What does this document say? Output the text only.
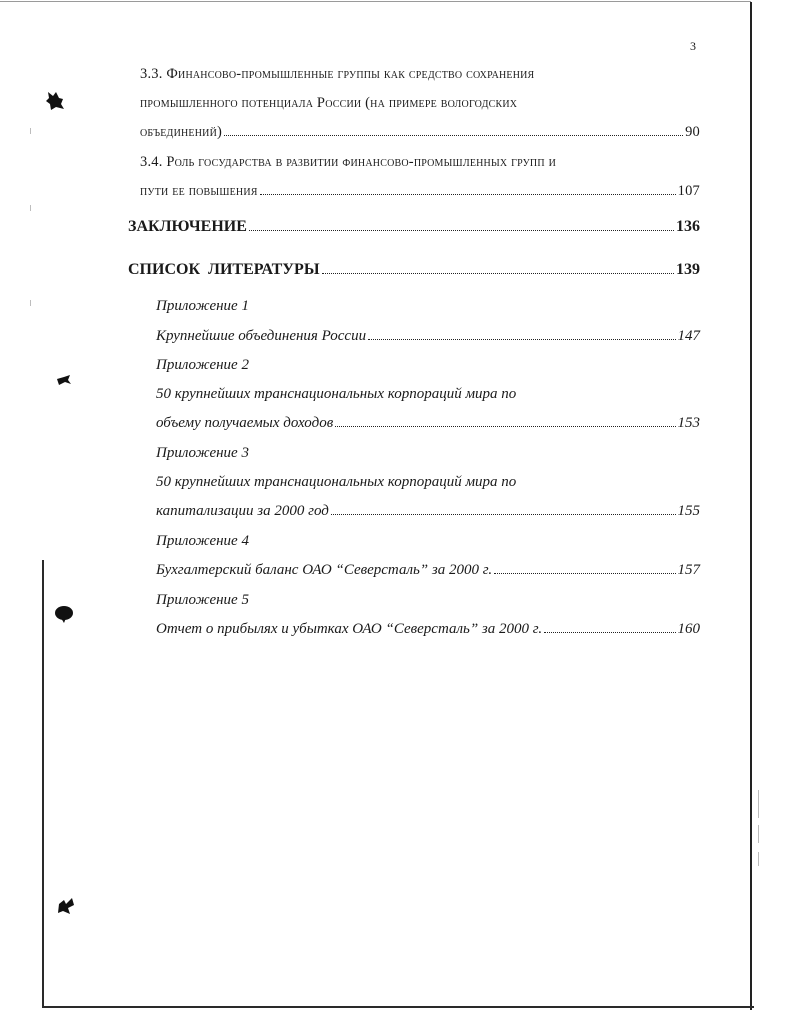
3
3.3. Финансово-промышленные группы как средство сохранения
промышленного потенциала России (на примере вологодских
объединений)	90
3.4. Роль государства в развитии финансово-промышленных групп и
пути ее повышения	107
ЗАКЛЮЧЕНИЕ	136
СПИСОК  ЛИТЕРАТУРЫ	139
Приложение 1
Крупнейшие объединения России	147
Приложение 2
50 крупнейших транснациональных корпораций мира по
объему получаемых доходов	153
Приложение 3
50 крупнейших транснациональных корпораций мира по
капитализации за 2000 год	155
Приложение 4
Бухгалтерский баланс ОАО “Северсталь” за 2000 г.	157
Приложение 5
Отчет о прибылях и убытках ОАО “Северсталь” за 2000 г.	160
